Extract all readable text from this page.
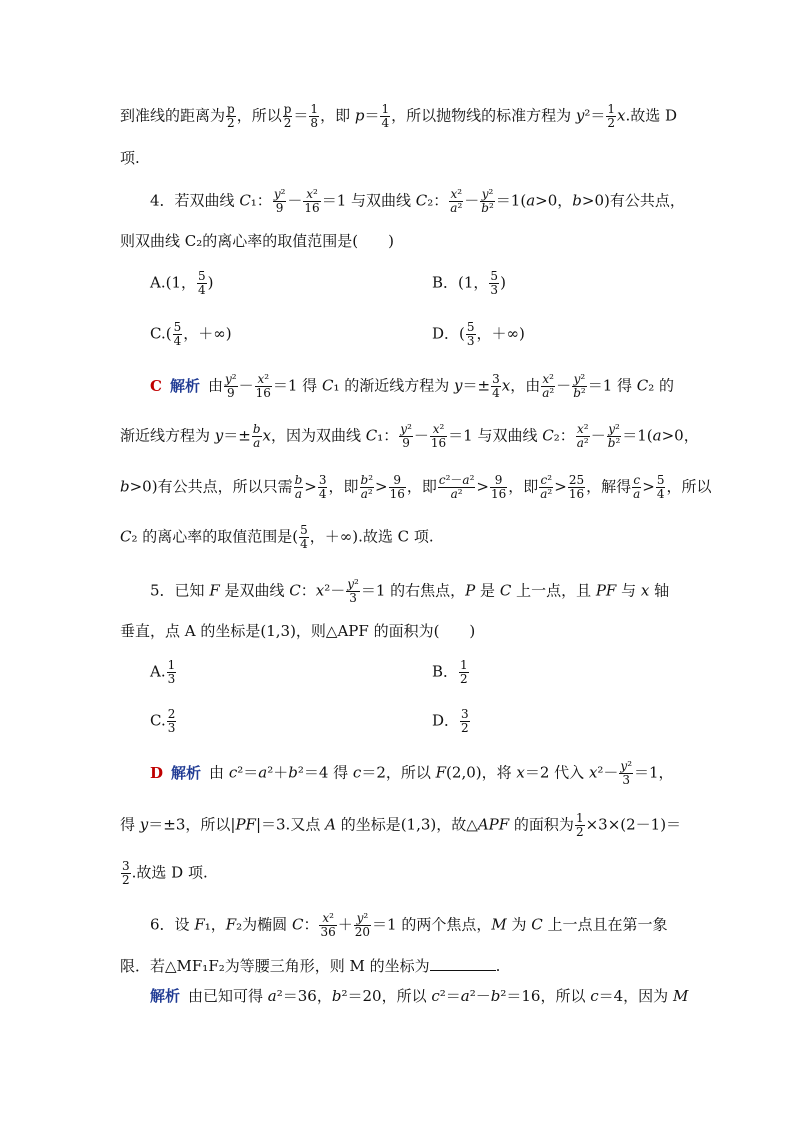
到准线的距离为 $\frac{p}{2}$ ，所以 $\frac{p}{2} = \frac{1}{8}$ ，即 $p= \frac{1}{4}$ ，所以抛物线的标准方程为 $y^2= \frac{1}{2} x$.故选 D
项.
4．若双曲线 C₁： $\frac{\text{y²}}{9} - \frac{\text{x²}}{16} =1$ 与双曲线 C₂： $\frac{\text{x²}}{\text{a²}} - \frac{\text{y²}}{\text{b²}} =1(a>0$，b>0)有公共点，
则双曲线 C₂的离心率的取值范围是(　　)
A.(1， $\frac{5}{4}$ )	B．(1， $\frac{5}{3}$ )
$C.( \frac{5}{4}$ ，＋∞)	D．( $\frac{5}{3}$ ，＋∞)
C 解析 由 $\frac{\text{y²}}{9} - \frac{\text{x²}}{16} =1$ 得 C₁ 的渐近线方程为 $y=\pm \frac{3}{4}$ x，由 $\frac{\text{x²}}{\text{a²}} - \frac{\text{y²}}{\text{b²}} =1$ 得 C₂ 的
渐近线方程为 $y=\pm \frac{b}{a}$ x，因为双曲线 C₁： $\frac{\text{y²}}{9} - \frac{\text{x²}}{16} =1$ 与双曲线 C₂： $\frac{\text{x²}}{\text{a²}} - \frac{\text{y²}}{\text{b²}} =1(a>0$，
b>0)有公共点，所以只需 $\frac{b}{a} > \frac{3}{4}$ ，即 $\frac{\text{b²}}{\text{a²}} > \frac{9}{16}$ ，即 $\frac{\text{c²－a²}}{\text{a²}} > \frac{9}{16}$ ，即 $\frac{\text{c²}}{\text{a²}} > \frac{25}{16}$ ，解得 $\frac{c}{a} > \frac{5}{4}$ ，所以
C₂ 的离心率的取值范围是( $\frac{5}{4}$ ，＋∞).故选 C 项.
5．已知 F 是双曲线 C：$x^2- \frac{\text{y²}}{3} =1$ 的右焦点，P 是 C 上一点，且 PF 与 x 轴
垂直，点 A 的坐标是(1,3)，则△APF 的面积为(　　)
A. $\frac{1}{3}$	B． $\frac{1}{2}$
C. $\frac{2}{3}$	D． $\frac{3}{2}$
D 解析 由 c²＝a²＋b²＝4 得 c＝2，所以 F(2,0)，将 x＝2 代入 $x^2- \frac{\text{y²}}{3} =1$，
得 y＝±3，所以|PF|＝3.又点 A 的坐标是(1,3)，故△APF 的面积为 $\frac{1}{2} \times 3\times(2-1)=$
$\frac{3}{2}$ .故选 D 项.
6．设 F₁，F₂为椭圆 C： $\frac{\text{x²}}{36} + \frac{\text{y²}}{20} =1$ 的两个焦点，M 为 C 上一点且在第一象
限．若△MF₁F₂为等腰三角形，则 M 的坐标为	.
解析 由已知可得 a²＝36，b²＝20，所以 c²＝a²－b²＝16，所以 c＝4，因为 M
